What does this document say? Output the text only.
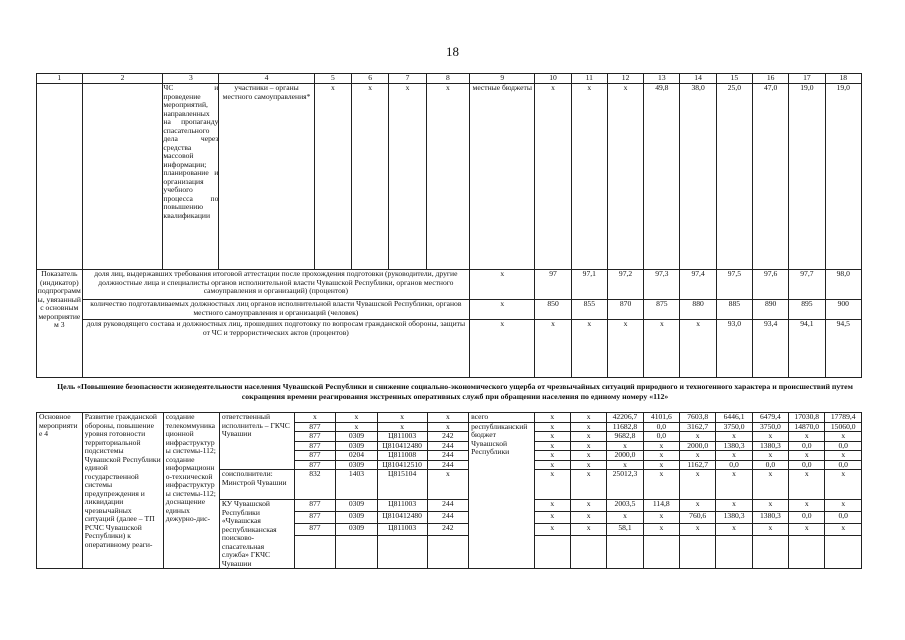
18
1	2	3	4	5	6	7	8	9	10	11	12	13	14	15	16	17	18
		ЧС и проведение мероприятий, направленных на пропаганду спасательного дела через средства массовой информации; планирование и организация учебного процесса по повышению квалификации	участники – органы местного самоуправления*	x	x	x	x	местные бюджеты	x	x	x	49,8	38,0	25,0	47,0	19,0	19,0
Показатель (индикатор) подпрограммы, увязанный с основным мероприятием 3	доля лиц, выдержавших требования итоговой аттестации после прохождения подготовки (руководители, другие должностные лица и специалисты органов исполнительной власти Чувашской Республики, органов местного самоуправления и организаций) (процентов)							x	97	97,1	97,2	97,3	97,4	97,5	97,6	97,7	98,0
	количество подготавливаемых должностных лиц органов исполнительной власти Чувашской Республики, органов местного самоуправления и организаций (человек)							x	850	855	870	875	880	885	890	895	900
	доля руководящего состава и должностных лиц, прошедших подготовку по вопросам гражданской обороны, защиты от ЧС и террористических актов (процентов)							x	x	x	x	x	x	93,0	93,4	94,1	94,5
Цель «Повышение безопасности жизнедеятельности населения Чувашской Республики и снижение социально-экономического ущерба от чрезвычайных ситуаций природного и техногенного характера и происшествий путем сокращения времени реагирования экстренных оперативных служб при обращении населения по единому номеру «112»
Основное мероприятие 4	Развитие гражданской обороны, повышение уровня готовности территориальной подсистемы Чувашской Республики единой государственной системы предупреждения и ликвидации чрезвычайных ситуаций (далее – ТП РСЧС Чувашской Республики) к оперативному реаги-	создание телекоммуникационной инфраструктуры системы-112; создание информационно-технической инфраструктуры системы-112; доснащение единых дежурно-дис-	ответственный исполнитель – ГКЧС Чувашии	x	x	x	x	всего	x	x	42206,7	4101,6	7603,8	6446,1	6479,4	17030,8	17789,4
				877	x	x	x	республиканский бюджет Чувашской Республики	x	x	11682,8	0,0	3162,7	3750,0	3750,0	14870,0	15060,0
				877	0309	Ц811003	242		x	x	9682,8	0,0	x	x	x	x	x
				877	0309	Ц810412480	244		x	x	x	x	2000,0	1380,3	1380,3	0,0	0,0
				877	0204	Ц811008	244		x	x	2000,0	x	x	x	x	x	x
				877	0309	Ц810412510	244		x	x	x	x	1162,7	0,0	0,0	0,0	0,0
			соисполнители: Минстрой Чувашии	832	1403	Ц815104	x		x	x	25012,3	x	x	x	x	x	x
			КУ Чувашской Республики «Чувашская республиканская поисково-спасательная служба» ГКЧС Чувашии	877	0309	Ц811003	244		x	x	2003,5	114,8	x	x	x	x	x
				877	0309	Ц810412480	244		x	x	x	x	760,6	1380,3	1380,3	0,0	0,0
				877	0309	Ц811003	242		x	x	58,1	x	x	x	x	x	x
